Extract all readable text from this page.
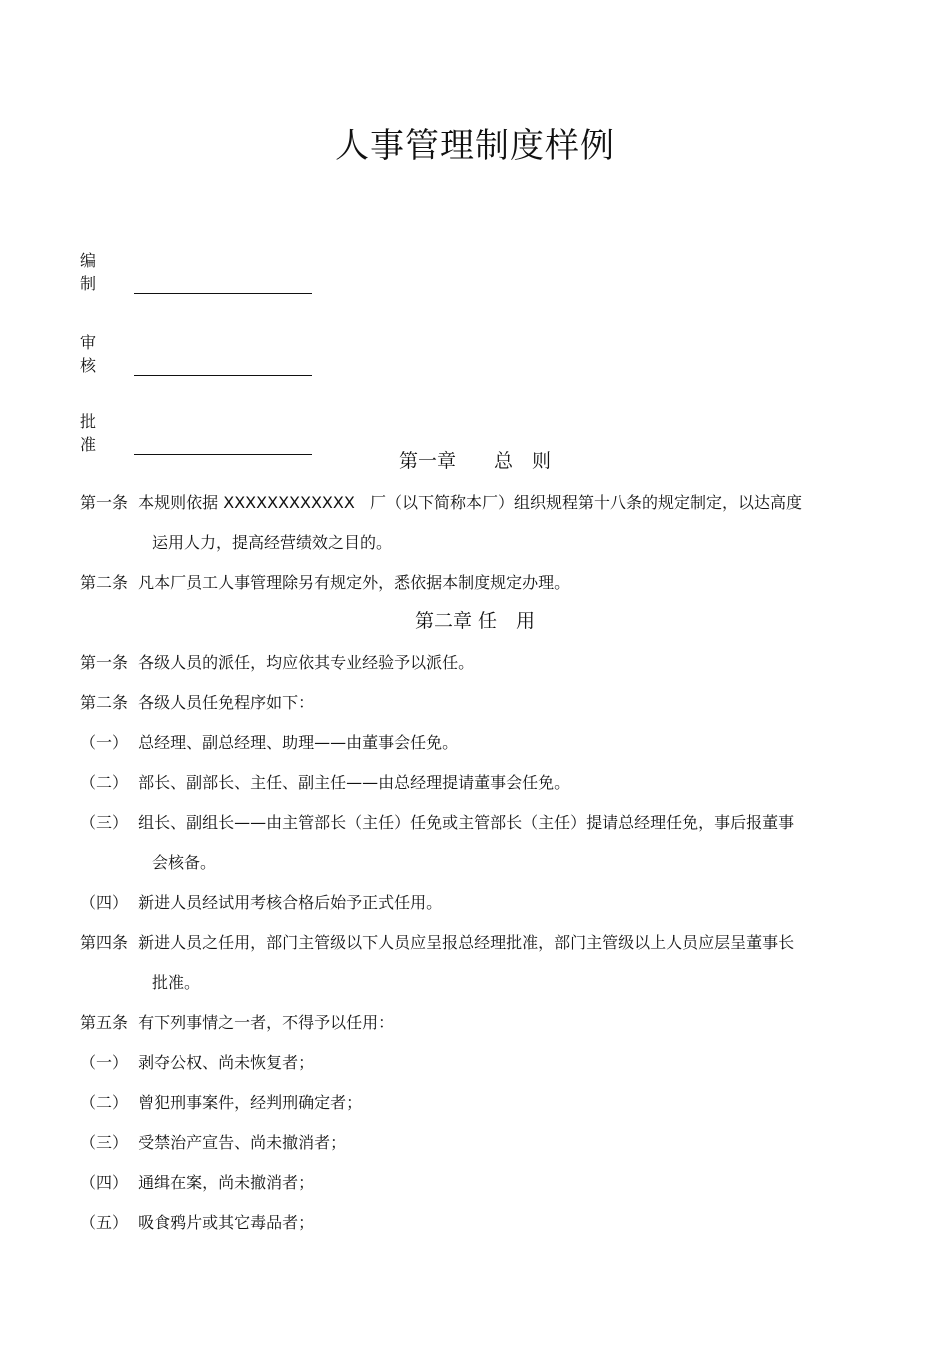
人事管理制度样例
编 制
审 核
批 准
第一章　　总　则
第一条  本规则依据 XXXXXXXXXXXX   厂（以下简称本厂）组织规程第十八条的规定制定，以达高度
运用人力，提高经营绩效之目的。
第二条  凡本厂员工人事管理除另有规定外，悉依据本制度规定办理。
第二章 任　用
第一条  各级人员的派任，均应依其专业经验予以派任。
第二条  各级人员任免程序如下：
（一）  总经理、副总经理、助理——由董事会任免。
（二）  部长、副部长、主任、副主任——由总经理提请董事会任免。
（三）  组长、副组长——由主管部长（主任）任免或主管部长（主任）提请总经理任免，事后报董事
会核备。
（四）  新进人员经试用考核合格后始予正式任用。
第四条  新进人员之任用，部门主管级以下人员应呈报总经理批准，部门主管级以上人员应层呈董事长
批准。
第五条  有下列事情之一者，不得予以任用：
（一）  剥夺公权、尚未恢复者；
（二）  曾犯刑事案件，经判刑确定者；
（三）  受禁治产宣告、尚未撤消者；
（四）  通缉在案，尚未撤消者；
（五）  吸食鸦片或其它毒品者；
